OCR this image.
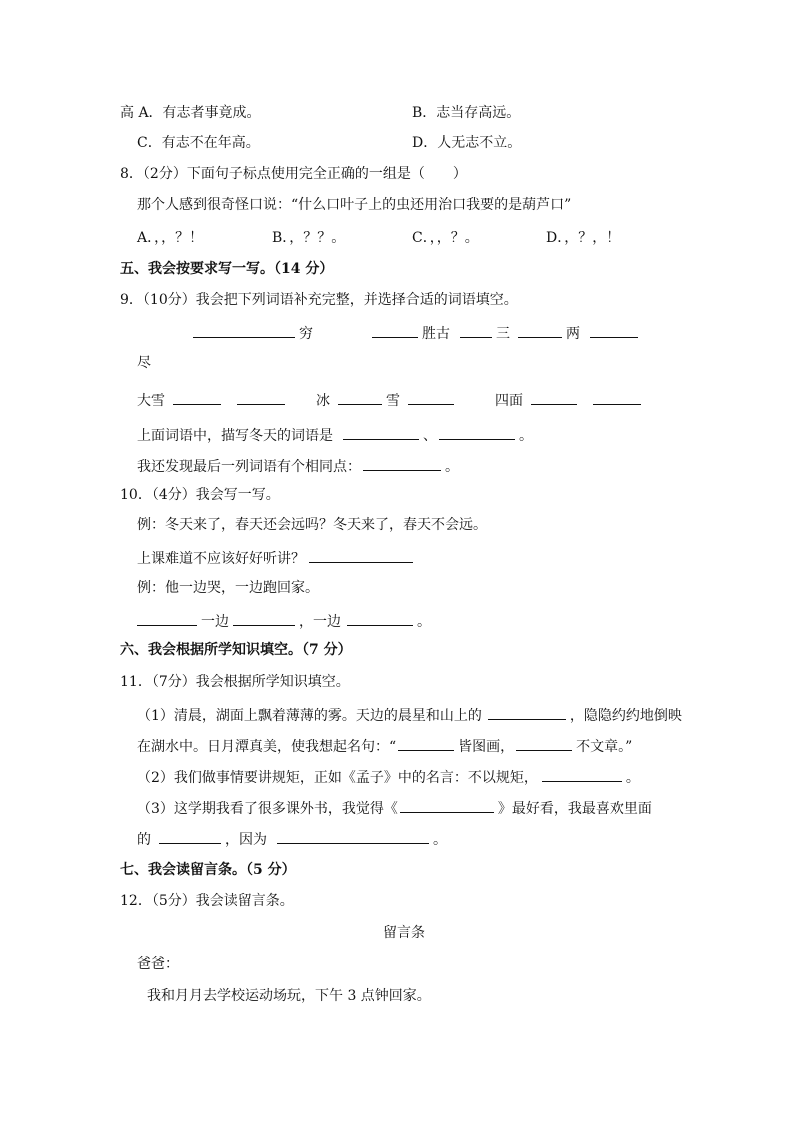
高 A．有志者事竟成。	B．志当存高远。
C．有志不在年高。	D．人无志不立。
8．（2分）下面句子标点使用完全正确的一组是（　　）
那个人感到很奇怪口说：“什么口叶子上的虫还用治口我要的是葫芦口”
A．，，？！	B．，？？。	C．，，？。	D．，？，！
五、我会按要求写一写。（14 分）
9．（10分）我会把下列词语补充完整，并选择合适的词语填空。
穷	胜古	三	两
尽
大雪	冰	雪	四面
上面词语中，描写冬天的词语是	、	。
我还发现最后一列词语有个相同点：	。
10．（4分）我会写一写。
例：冬天来了，春天还会远吗？冬天来了，春天不会远。
上课难道不应该好好听讲？
例：他一边哭，一边跑回家。
一边	，一边	。
六、我会根据所学知识填空。（7 分）
11．（7分）我会根据所学知识填空。
（1）清晨，湖面上飘着薄薄的雾。天边的晨星和山上的	，隐隐约约地倒映
在湖水中。日月潭真美，使我想起名句：“	皆图画，	不文章。”
（2）我们做事情要讲规矩，正如《孟子》中的名言：不以规矩，	。
（3）这学期我看了很多课外书，我觉得《	》最好看，我最喜欢里面
的	，因为	。
七、我会读留言条。（5 分）
12．（5分）我会读留言条。
留言条
爸爸：
我和月月去学校运动场玩，下午 3 点钟回家。
